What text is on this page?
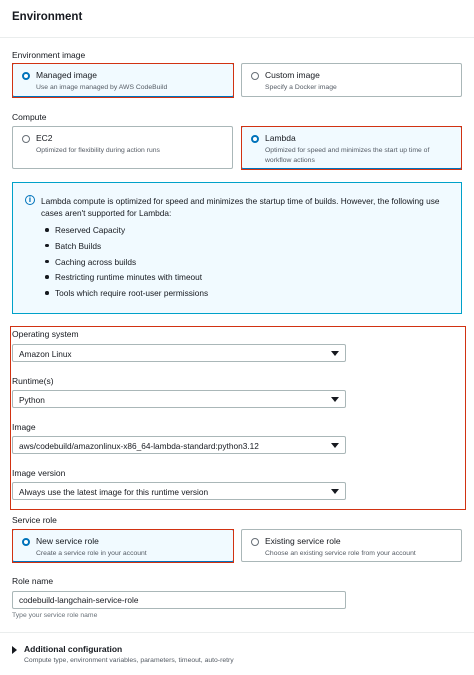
Environment
Environment image
Managed image
Use an image managed by AWS CodeBuild
Custom image
Specify a Docker image
Compute
EC2
Optimized for flexibility during action runs
Lambda
Optimized for speed and minimizes the start up time of workflow actions
i	Lambda compute is optimized for speed and minimizes the startup time of builds. However, the following use cases aren't supported for Lambda:
Reserved Capacity
Batch Builds
Caching across builds
Restricting runtime minutes with timeout
Tools which require root-user permissions
Operating system
Amazon Linux
Runtime(s)
Python
Image
aws/codebuild/amazonlinux-x86_64-lambda-standard:python3.12
Image version
Always use the latest image for this runtime version
Service role
New service role
Create a service role in your account
Existing service role
Choose an existing service role from your account
Role name
codebuild-langchain-service-role
Type your service role name
Additional configuration
Compute type, environment variables, parameters, timeout, auto-retry
